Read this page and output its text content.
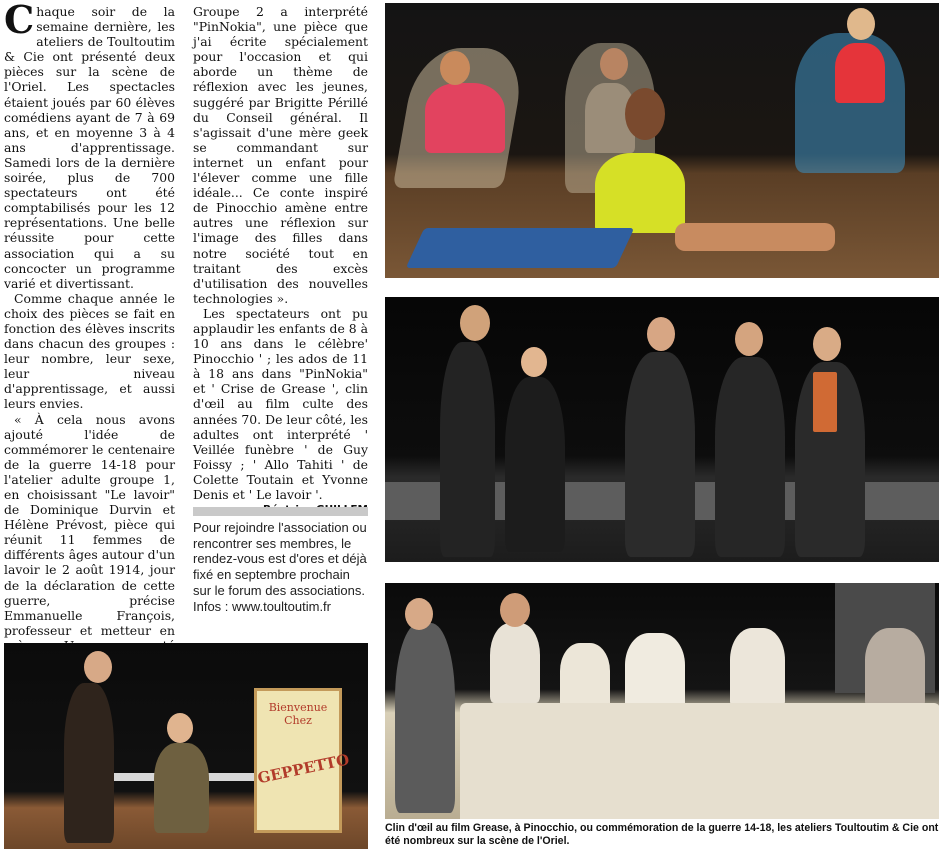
Chaque soir de la semaine dernière, les ateliers de Toultoutim & Cie ont présenté deux pièces sur la scène de l'Oriel. Les spectacles étaient joués par 60 élèves comédiens ayant de 7 à 69 ans, et en moyenne 3 à 4 ans d'apprentissage. Samedi lors de la dernière soirée, plus de 700 spectateurs ont été comptabilisés pour les 12 représentations. Une belle réussite pour cette association qui a su concocter un programme varié et divertissant.

Comme chaque année le choix des pièces se fait en fonction des élèves inscrits dans chacun des groupes : leur nombre, leur sexe, leur niveau d'apprentissage, et aussi leurs envies.

« À cela nous avons ajouté l'idée de commémorer le centenaire de la guerre 14-18 pour l'atelier adulte groupe 1, en choisissant "Le lavoir" de Dominique Durvin et Hélène Prévost, pièce qui réunit 11 femmes de différents âges autour d'un lavoir le 2 août 1914, jour de la déclaration de cette guerre, précise Emmanuelle François, professeur et metteur en

Groupe 2 a interprété "PinNokia", une pièce que j'ai écrite spécialement pour l'occasion et qui aborde un thème de réflexion avec les jeunes, suggéré par Brigitte Périllé du Conseil général. Il s'agissait d'une mère geek se commandant sur internet un enfant pour l'élever comme une fille idéale... Ce conte inspiré de Pinocchio amène entre autres une réflexion sur l'image des filles dans notre société tout en traitant des excès d'utilisation des nouvelles technologies ».

Les spectateurs ont pu applaudir les enfants de 8 à 10 ans dans le célèbre' Pinocchio ' ; les ados de 11 à 18 ans dans "PinNokia" et ' Crise de Grease ', clin d'œil au film culte des années 70. De leur côté, les adultes ont interprété ' Veillée funèbre ' de Guy Foissy ; ' Allo Tahiti ' de Colette Toutain et Yvonne Denis et ' Le lavoir '.

Pour rejoindre l'association ou rencontrer ses membres, le rendez-vous est d'ores et déjà fixé en septembre prochain sur le forum des associations. Infos : www.toultoutim.fr
Bienvenue
Chez
GEPPETTO
Clin d'œil au film Grease, à Pinocchio, ou commémoration de la guerre 14-18, les ateliers Toultoutim & Cie ont été nombreux sur la scène de l'Oriel.
